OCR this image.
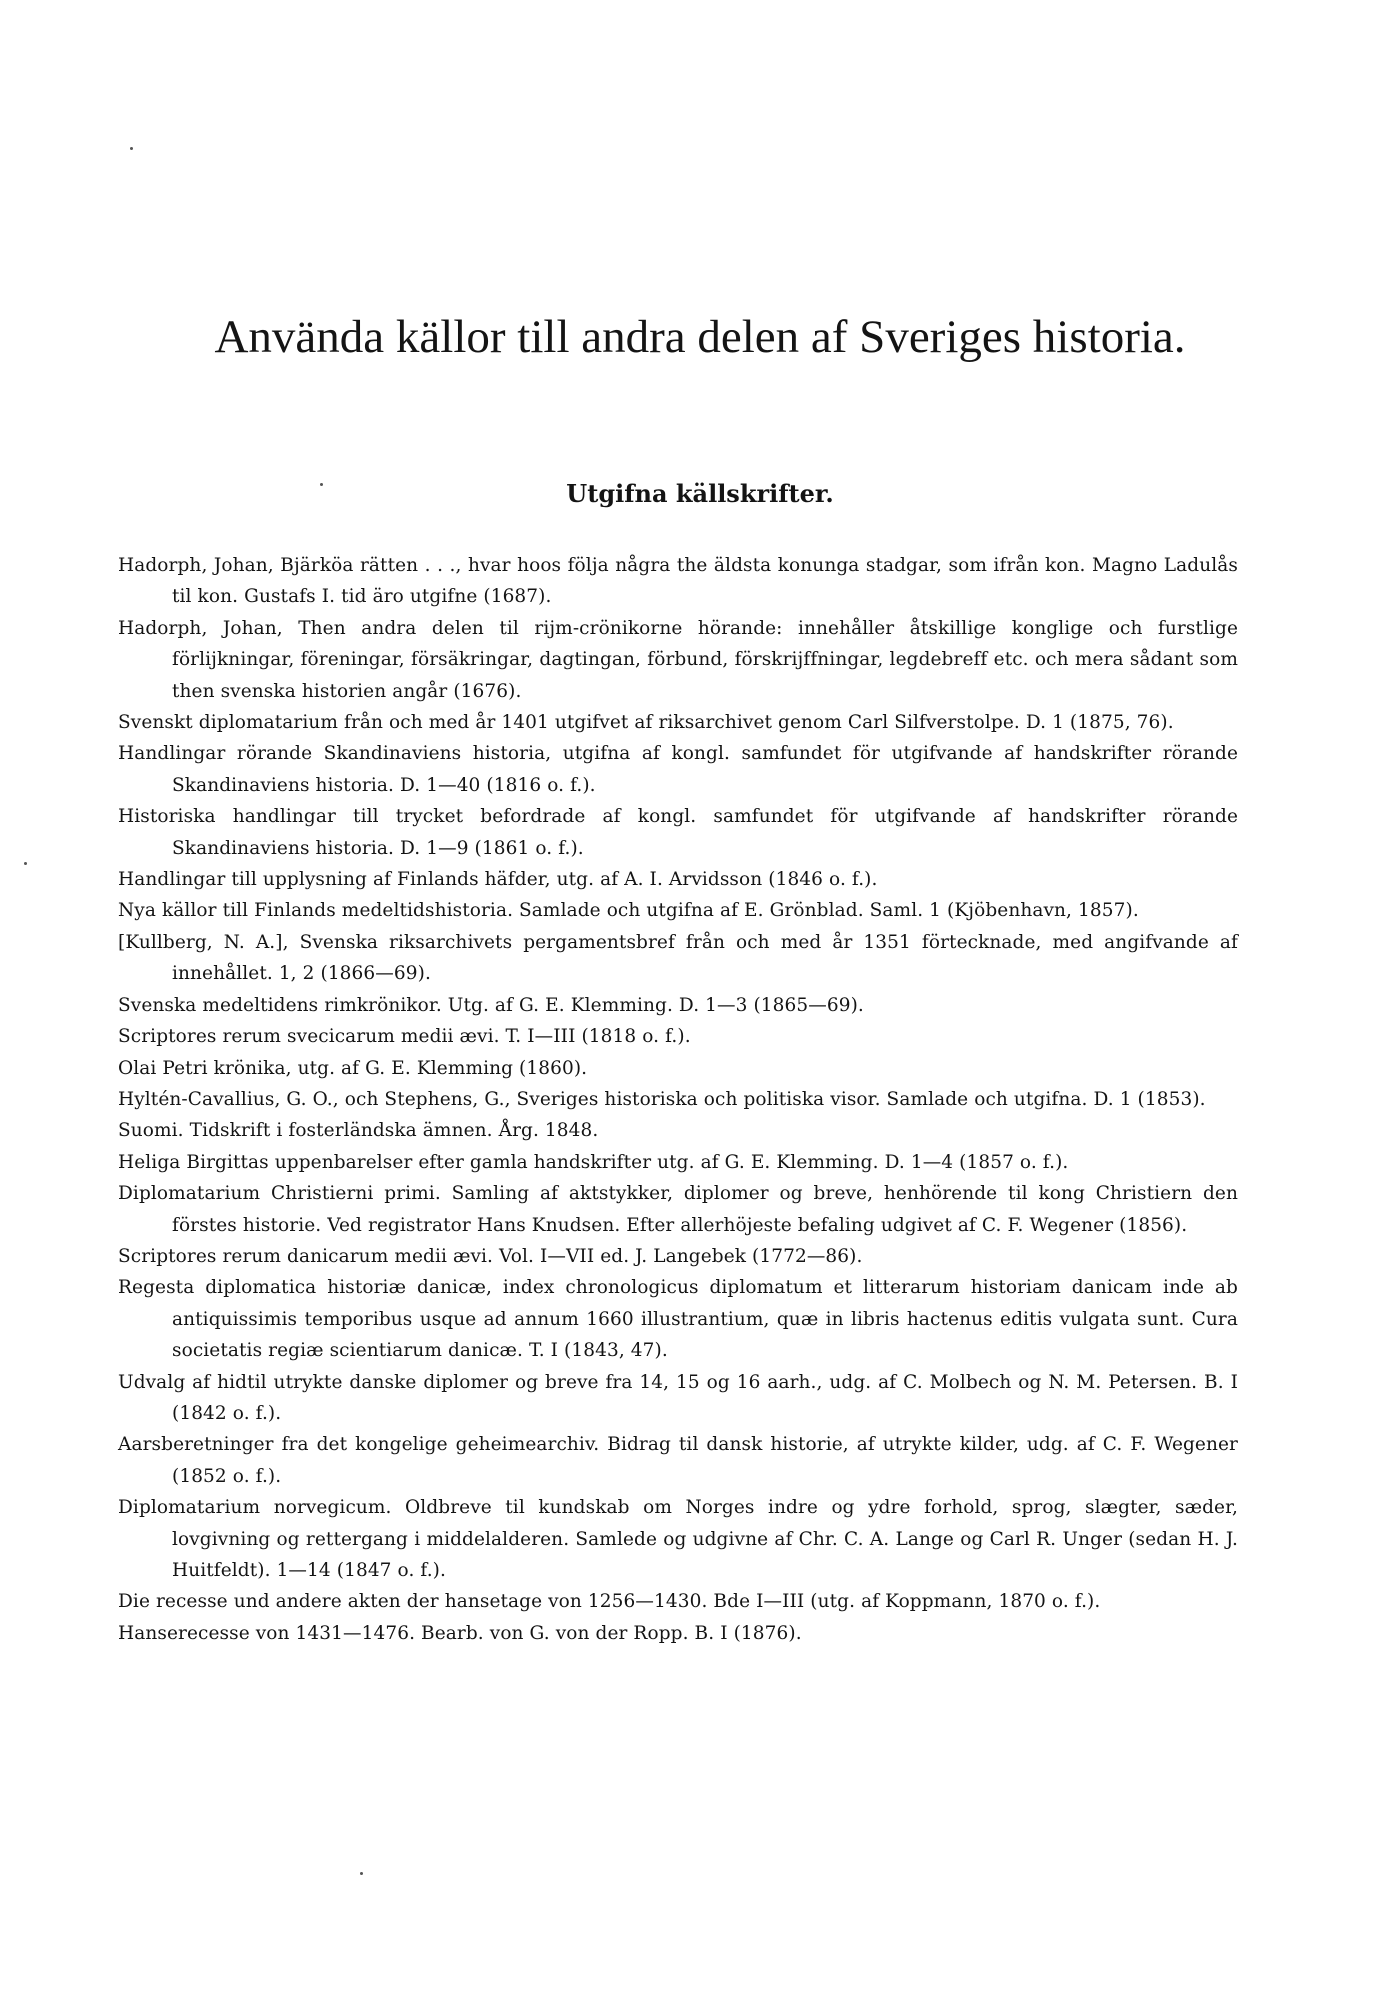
Använda källor till andra delen af Sveriges historia.
Utgifna källskrifter.
Hadorph, Johan, Bjärköa rätten . . ., hvar hoos följa några the äldsta konunga stadgar, som ifrån kon. Magno Ladulås til kon. Gustafs I. tid äro utgifne (1687).
Hadorph, Johan, Then andra delen til rijm-crönikorne hörande: innehåller åtskillige konglige och furstlige förlijkningar, föreningar, försäkringar, dagtingan, förbund, förskrijffningar, legdebreff etc. och mera sådant som then svenska historien angår (1676).
Svenskt diplomatarium från och med år 1401 utgifvet af riksarchivet genom Carl Silfverstolpe. D. 1 (1875, 76).
Handlingar rörande Skandinaviens historia, utgifna af kongl. samfundet för utgifvande af handskrifter rörande Skandinaviens historia. D. 1—40 (1816 o. f.).
Historiska handlingar till trycket befordrade af kongl. samfundet för utgifvande af handskrifter rörande Skandinaviens historia. D. 1—9 (1861 o. f.).
Handlingar till upplysning af Finlands häfder, utg. af A. I. Arvidsson (1846 o. f.).
Nya källor till Finlands medeltidshistoria. Samlade och utgifna af E. Grönblad. Saml. 1 (Kjöbenhavn, 1857).
[Kullberg, N. A.], Svenska riksarchivets pergamentsbref från och med år 1351 förtecknade, med angifvande af innehållet. 1, 2 (1866—69).
Svenska medeltidens rimkrönikor. Utg. af G. E. Klemming. D. 1—3 (1865—69).
Scriptores rerum svecicarum medii ævi. T. I—III (1818 o. f.).
Olai Petri krönika, utg. af G. E. Klemming (1860).
Hyltén-Cavallius, G. O., och Stephens, G., Sveriges historiska och politiska visor. Samlade och utgifna. D. 1 (1853).
Suomi. Tidskrift i fosterländska ämnen. Årg. 1848.
Heliga Birgittas uppenbarelser efter gamla handskrifter utg. af G. E. Klemming. D. 1—4 (1857 o. f.).
Diplomatarium Christierni primi. Samling af aktstykker, diplomer og breve, henhörende til kong Christiern den förstes historie. Ved registrator Hans Knudsen. Efter allerhöjeste befaling udgivet af C. F. Wegener (1856).
Scriptores rerum danicarum medii ævi. Vol. I—VII ed. J. Langebek (1772—86).
Regesta diplomatica historiæ danicæ, index chronologicus diplomatum et litterarum historiam danicam inde ab antiquissimis temporibus usque ad annum 1660 illustrantium, quæ in libris hactenus editis vulgata sunt. Cura societatis regiæ scientiarum danicæ. T. I (1843, 47).
Udvalg af hidtil utrykte danske diplomer og breve fra 14, 15 og 16 aarh., udg. af C. Molbech og N. M. Petersen. B. I (1842 o. f.).
Aarsberetninger fra det kongelige geheimearchiv. Bidrag til dansk historie, af utrykte kilder, udg. af C. F. Wegener (1852 o. f.).
Diplomatarium norvegicum. Oldbreve til kundskab om Norges indre og ydre forhold, sprog, slægter, sæder, lovgivning og rettergang i middelalderen. Samlede og udgivne af Chr. C. A. Lange og Carl R. Unger (sedan H. J. Huitfeldt). 1—14 (1847 o. f.).
Die recesse und andere akten der hansetage von 1256—1430. Bde I—III (utg. af Koppmann, 1870 o. f.).
Hanserecesse von 1431—1476. Bearb. von G. von der Ropp. B. I (1876).
